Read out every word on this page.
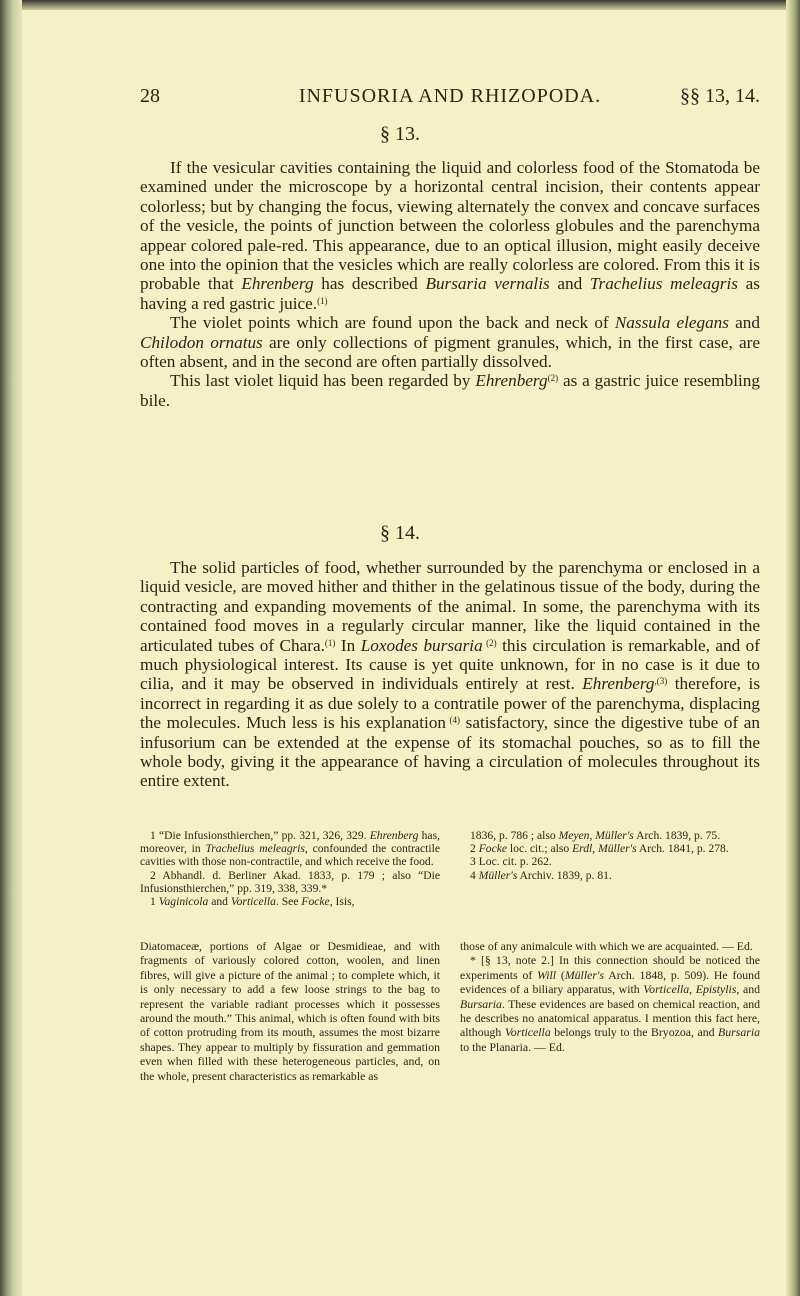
28	INFUSORIA AND RHIZOPODA.	§§ 13, 14.
§ 13.

If the vesicular cavities containing the liquid and colorless food of the Stomatoda be examined under the microscope by a horizontal central incision, their contents appear colorless; but by changing the focus, viewing alternately the convex and concave surfaces of the vesicle, the points of junction between the colorless globules and the parenchyma appear colored pale-red. This appearance, due to an optical illusion, might easily deceive one into the opinion that the vesicles which are really colorless are colored. From this it is probable that Ehrenberg has described Bursaria vernalis and Trachelius meleagris as having a red gastric juice.$^{(1)}$

The violet points which are found upon the back and neck of Nassula elegans and Chilodon ornatus are only collections of pigment granules, which, in the first case, are often absent, and in the second are often partially dissolved.

This last violet liquid has been regarded by Ehrenberg$^{(2)}$ as a gastric juice resembling bile.

§ 14.

The solid particles of food, whether surrounded by the parenchyma or enclosed in a liquid vesicle, are moved hither and thither in the gelatinous tissue of the body, during the contracting and expanding movements of the animal. In some, the parenchyma with its contained food moves in a regularly circular manner, like the liquid contained in the articulated tubes of Chara.$^{(1)}$ In Loxodes bursaria $^{(2)}$ this circulation is remarkable, and of much physiological interest. Its cause is yet quite unknown, for in no case is it due to cilia, and it may be observed in individuals entirely at rest. Ehrenberg$^{,(3)}$ therefore, is incorrect in regarding it as due solely to a contratile power of the parenchyma, displacing the molecules. Much less is his explanation $^{(4)}$ satisfactory, since the digestive tube of an infusorium can be extended at the expense of its stomachal pouches, so as to fill the whole body, giving it the appearance of having a circulation of molecules throughout its entire extent.

1 “Die Infusionsthierchen,” pp. 321, 326, 329. Ehrenberg has, moreover, in Trachelius meleagris, confounded the contractile cavities with those non-contractile, and which receive the food.

2 Abhandl. d. Berliner Akad. 1833, p. 179 ; also “Die Infusionsthierchen,” pp. 319, 338, 339.*

1 Vaginicola and Vorticella. See Focke, Isis,

1836, p. 786 ; also Meyen, Müller's Arch. 1839, p. 75.

2 Focke loc. cit.; also Erdl, Müller's Arch. 1841, p. 278.

3 Loc. cit. p. 262.

4 Müller's Archiv. 1839, p. 81.

Diatomaceæ, portions of Algae or Desmidieae, and with fragments of variously colored cotton, woolen, and linen fibres, will give a picture of the animal ; to complete which, it is only necessary to add a few loose strings to the bag to represent the variable radiant processes which it possesses around the mouth.” This animal, which is often found with bits of cotton protruding from its mouth, assumes the most bizarre shapes. They appear to multiply by fissuration and gemmation even when filled with these heterogeneous particles, and, on the whole, present characteristics as remarkable as

those of any animalcule with which we are acquainted. — Ed.

* [§ 13, note 2.] In this connection should be noticed the experiments of Will (Müller's Arch. 1848, p. 509). He found evidences of a biliary apparatus, with Vorticella, Epistylis, and Bursaria. These evidences are based on chemical reaction, and he describes no anatomical apparatus. I mention this fact here, although Vorticella belongs truly to the Bryozoa, and Bursaria to the Planaria. — Ed.
